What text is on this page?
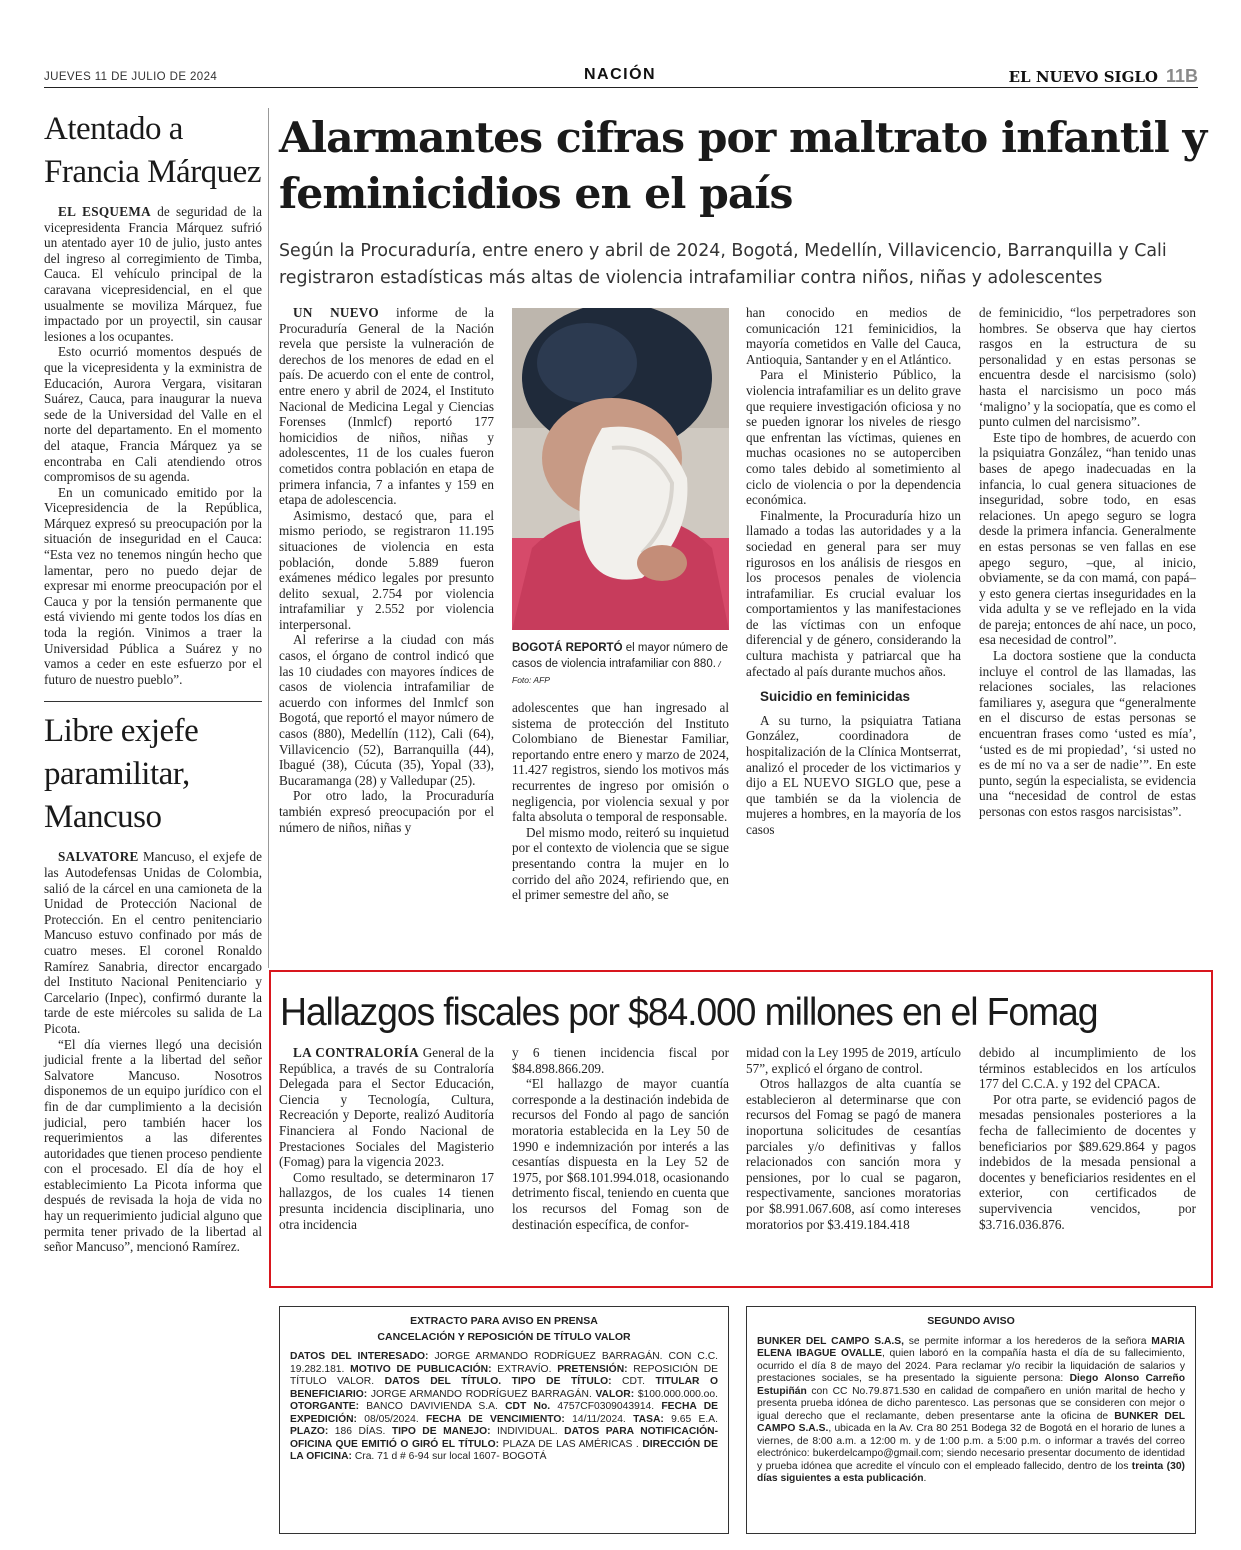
JUEVES 11 DE JULIO DE 2024	NACIÓN	EL NUEVO SIGLO 11B
Atentado a Francia Márquez

EL ESQUEMA de seguridad de la vicepresidenta Francia Márquez sufrió un atentado ayer 10 de julio, justo antes del ingreso al corregimiento de Timba, Cauca. El vehículo principal de la caravana vicepresidencial, en el que usualmente se moviliza Márquez, fue impactado por un proyectil, sin causar lesiones a los ocupantes.

Esto ocurrió momentos después de que la vicepresidenta y la exministra de Educación, Aurora Vergara, visitaran Suárez, Cauca, para inaugurar la nueva sede de la Universidad del Valle en el norte del departamento. En el momento del ataque, Francia Márquez ya se encontraba en Cali atendiendo otros compromisos de su agenda.

En un comunicado emitido por la Vicepresidencia de la República, Márquez expresó su preocupación por la situación de inseguridad en el Cauca: “Esta vez no tenemos ningún hecho que lamentar, pero no puedo dejar de expresar mi enorme preocupación por el Cauca y por la tensión permanente que está viviendo mi gente todos los días en toda la región. Vinimos a traer la Universidad Pública a Suárez y no vamos a ceder en este esfuerzo por el futuro de nuestro pueblo”.

Libre exjefe paramilitar, Mancuso

SALVATORE Mancuso, el exjefe de las Autodefensas Unidas de Colombia, salió de la cárcel en una camioneta de la Unidad de Protección Nacional de Protección. En el centro penitenciario Mancuso estuvo confinado por más de cuatro meses. El coronel Ronaldo Ramírez Sanabria, director encargado del Instituto Nacional Penitenciario y Carcelario (Inpec), confirmó durante la tarde de este miércoles su salida de La Picota.

“El día viernes llegó una decisión judicial frente a la libertad del señor Salvatore Mancuso. Nosotros disponemos de un equipo jurídico con el fin de dar cumplimiento a la decisión judicial, pero también hacer los requerimientos a las diferentes autoridades que tienen proceso pendiente con el procesado. El día de hoy el establecimiento La Picota informa que después de revisada la hoja de vida no hay un requerimiento judicial alguno que permita tener privado de la libertad al señor Mancuso”, mencionó Ramírez.

Alarmantes cifras por maltrato infantil y feminicidios en el país
Según la Procuraduría, entre enero y abril de 2024, Bogotá, Medellín, Villavicencio, Barranquilla y Cali registraron estadísticas más altas de violencia intrafamiliar contra niños, niñas y adolescentes

UN NUEVO informe de la Procuraduría General de la Nación revela que persiste la vulneración de derechos de los menores de edad en el país. De acuerdo con el ente de control, entre enero y abril de 2024, el Instituto Nacional de Medicina Legal y Ciencias Forenses (Inmlcf) reportó 177 homicidios de niños, niñas y adolescentes, 11 de los cuales fueron cometidos contra población en etapa de primera infancia, 7 a infantes y 159 en etapa de adolescencia.

Asimismo, destacó que, para el mismo periodo, se registraron 11.195 situaciones de violencia en esta población, donde 5.889 fueron exámenes médico legales por presunto delito sexual, 2.754 por violencia intrafamiliar y 2.552 por violencia interpersonal.

Al referirse a la ciudad con más casos, el órgano de control indicó que las 10 ciudades con mayores índices de casos de violencia intrafamiliar de acuerdo con informes del Inmlcf son Bogotá, que reportó el mayor número de casos (880), Medellín (112), Cali (64), Villavicencio (52), Barranquilla (44), Ibagué (38), Cúcuta (35), Yopal (33), Bucaramanga (28) y Valledupar (25).

Por otro lado, la Procuraduría también expresó preocupación por el número de niños, niñas y

BOGOTÁ REPORTÓ el mayor número de casos de violencia intrafamiliar con 880. / Foto: AFP

adolescentes que han ingresado al sistema de protección del Instituto Colombiano de Bienestar Familiar, reportando entre enero y marzo de 2024, 11.427 registros, siendo los motivos más recurrentes de ingreso por omisión o negligencia, por violencia sexual y por falta absoluta o temporal de responsable.

Del mismo modo, reiteró su inquietud por el contexto de violencia que se sigue presentando contra la mujer en lo corrido del año 2024, refiriendo que, en el primer semestre del año, se

han conocido en medios de comunicación 121 feminicidios, la mayoría cometidos en Valle del Cauca, Antioquia, Santander y en el Atlántico.

Para el Ministerio Público, la violencia intrafamiliar es un delito grave que requiere investigación oficiosa y no se pueden ignorar los niveles de riesgo que enfrentan las víctimas, quienes en muchas ocasiones no se autoperciben como tales debido al sometimiento al ciclo de violencia o por la dependencia económica.

Finalmente, la Procuraduría hizo un llamado a todas las autoridades y a la sociedad en general para ser muy rigurosos en los análisis de riesgos en los procesos penales de violencia intrafamiliar. Es crucial evaluar los comportamientos y las manifestaciones de las víctimas con un enfoque diferencial y de género, considerando la cultura machista y patriarcal que ha afectado al país durante muchos años.

Suicidio en feminicidas

A su turno, la psiquiatra Tatiana González, coordinadora de hospitalización de la Clínica Montserrat, analizó el proceder de los victimarios y dijo a EL NUEVO SIGLO que, pese a que también se da la violencia de mujeres a hombres, en la mayoría de los casos

de feminicidio, “los perpetradores son hombres. Se observa que hay ciertos rasgos en la estructura de su personalidad y en estas personas se encuentra desde el narcisismo (solo) hasta el narcisismo un poco más ‘maligno’ y la sociopatía, que es como el punto culmen del narcisismo”.

Este tipo de hombres, de acuerdo con la psiquiatra González, “han tenido unas bases de apego inadecuadas en la infancia, lo cual genera situaciones de inseguridad, sobre todo, en esas relaciones. Un apego seguro se logra desde la primera infancia. Generalmente en estas personas se ven fallas en ese apego seguro, –que, al inicio, obviamente, se da con mamá, con papá– y esto genera ciertas inseguridades en la vida adulta y se ve reflejado en la vida de pareja; entonces de ahí nace, un poco, esa necesidad de control”.

La doctora sostiene que la conducta incluye el control de las llamadas, las relaciones sociales, las relaciones familiares y, asegura que “generalmente en el discurso de estas personas se encuentran frases como ‘usted es mía’, ‘usted es de mi propiedad’, ‘si usted no es de mí no va a ser de nadie’”. En este punto, según la especialista, se evidencia una “necesidad de control de estas personas con estos rasgos narcisistas”.

Hallazgos fiscales por $84.000 millones en el Fomag

LA CONTRALORÍA General de la República, a través de su Contraloría Delegada para el Sector Educación, Ciencia y Tecnología, Cultura, Recreación y Deporte, realizó Auditoría Financiera al Fondo Nacional de Prestaciones Sociales del Magisterio (Fomag) para la vigencia 2023.

Como resultado, se determinaron 17 hallazgos, de los cuales 14 tienen presunta incidencia disciplinaria, uno otra incidencia

y 6 tienen incidencia fiscal por $84.898.866.209.

“El hallazgo de mayor cuantía corresponde a la destinación indebida de recursos del Fondo al pago de sanción moratoria establecida en la Ley 50 de 1990 e indemnización por interés a las cesantías dispuesta en la Ley 52 de 1975, por $68.101.994.018, ocasionando detrimento fiscal, teniendo en cuenta que los recursos del Fomag son de destinación específica, de confor-

midad con la Ley 1995 de 2019, artículo 57”, explicó el órgano de control.

Otros hallazgos de alta cuantía se establecieron al determinarse que con recursos del Fomag se pagó de manera inoportuna solicitudes de cesantías parciales y/o definitivas y fallos relacionados con sanción mora y pensiones, por lo cual se pagaron, respectivamente, sanciones moratorias por $8.991.067.608, así como intereses moratorios por $3.419.184.418

debido al incumplimiento de los términos establecidos en los artículos 177 del C.C.A. y 192 del CPACA.

Por otra parte, se evidenció pagos de mesadas pensionales posteriores a la fecha de fallecimiento de docentes y beneficiarios por $89.629.864 y pagos indebidos de la mesada pensional a docentes y beneficiarios residentes en el exterior, con certificados de supervivencia vencidos, por $3.716.036.876.

EXTRACTO PARA AVISO EN PRENSA
CANCELACIÓN Y REPOSICIÓN DE TÍTULO VALOR

DATOS DEL INTERESADO: JORGE ARMANDO RODRÍGUEZ BARRAGÁN. CON C.C. 19.282.181. MOTIVO DE PUBLICACIÓN: EXTRAVÍO. PRETENSIÓN: REPOSICIÓN DE TÍTULO VALOR. DATOS DEL TÍTULO. TIPO DE TÍTULO: CDT. TITULAR O BENEFICIARIO: JORGE ARMANDO RODRÍGUEZ BARRAGÁN. VALOR: $100.000.000.oo. OTORGANTE: BANCO DAVIVIENDA S.A. CDT No. 4757CF0309043914. FECHA DE EXPEDICIÓN: 08/05/2024. FECHA DE VENCIMIENTO: 14/11/2024. TASA: 9.65 E.A. PLAZO: 186 DÍAS. TIPO DE MANEJO: INDIVIDUAL. DATOS PARA NOTIFICACIÓN-OFICINA QUE EMITIÓ O GIRÓ EL TÍTULO: PLAZA DE LAS AMÉRICAS . DIRECCIÓN DE LA OFICINA: Cra. 71 d # 6-94 sur local 1607- BOGOTÁ

SEGUNDO AVISO

BUNKER DEL CAMPO S.A.S, se permite informar a los herederos de la señora MARIA ELENA IBAGUE OVALLE, quien laboró en la compañía hasta el día de su fallecimiento, ocurrido el día 8 de mayo del 2024. Para reclamar y/o recibir la liquidación de salarios y prestaciones sociales, se ha presentado la siguiente persona: Diego Alonso Carreño Estupiñán con CC No.79.871.530 en calidad de compañero en unión marital de hecho y presenta prueba idónea de dicho parentesco. Las personas que se consideren con mejor o igual derecho que el reclamante, deben presentarse ante la oficina de BUNKER DEL CAMPO S.A.S., ubicada en la Av. Cra 80 251 Bodega 32 de Bogotá en el horario de lunes a viernes, de 8:00 a.m. a 12:00 m. y de 1:00 p.m. a 5:00 p.m. o informar a través del correo electrónico: bukerdelcampo@gmail.com; siendo necesario presentar documento de identidad y prueba idónea que acredite el vínculo con el empleado fallecido, dentro de los treinta (30) días siguientes a esta publicación.
